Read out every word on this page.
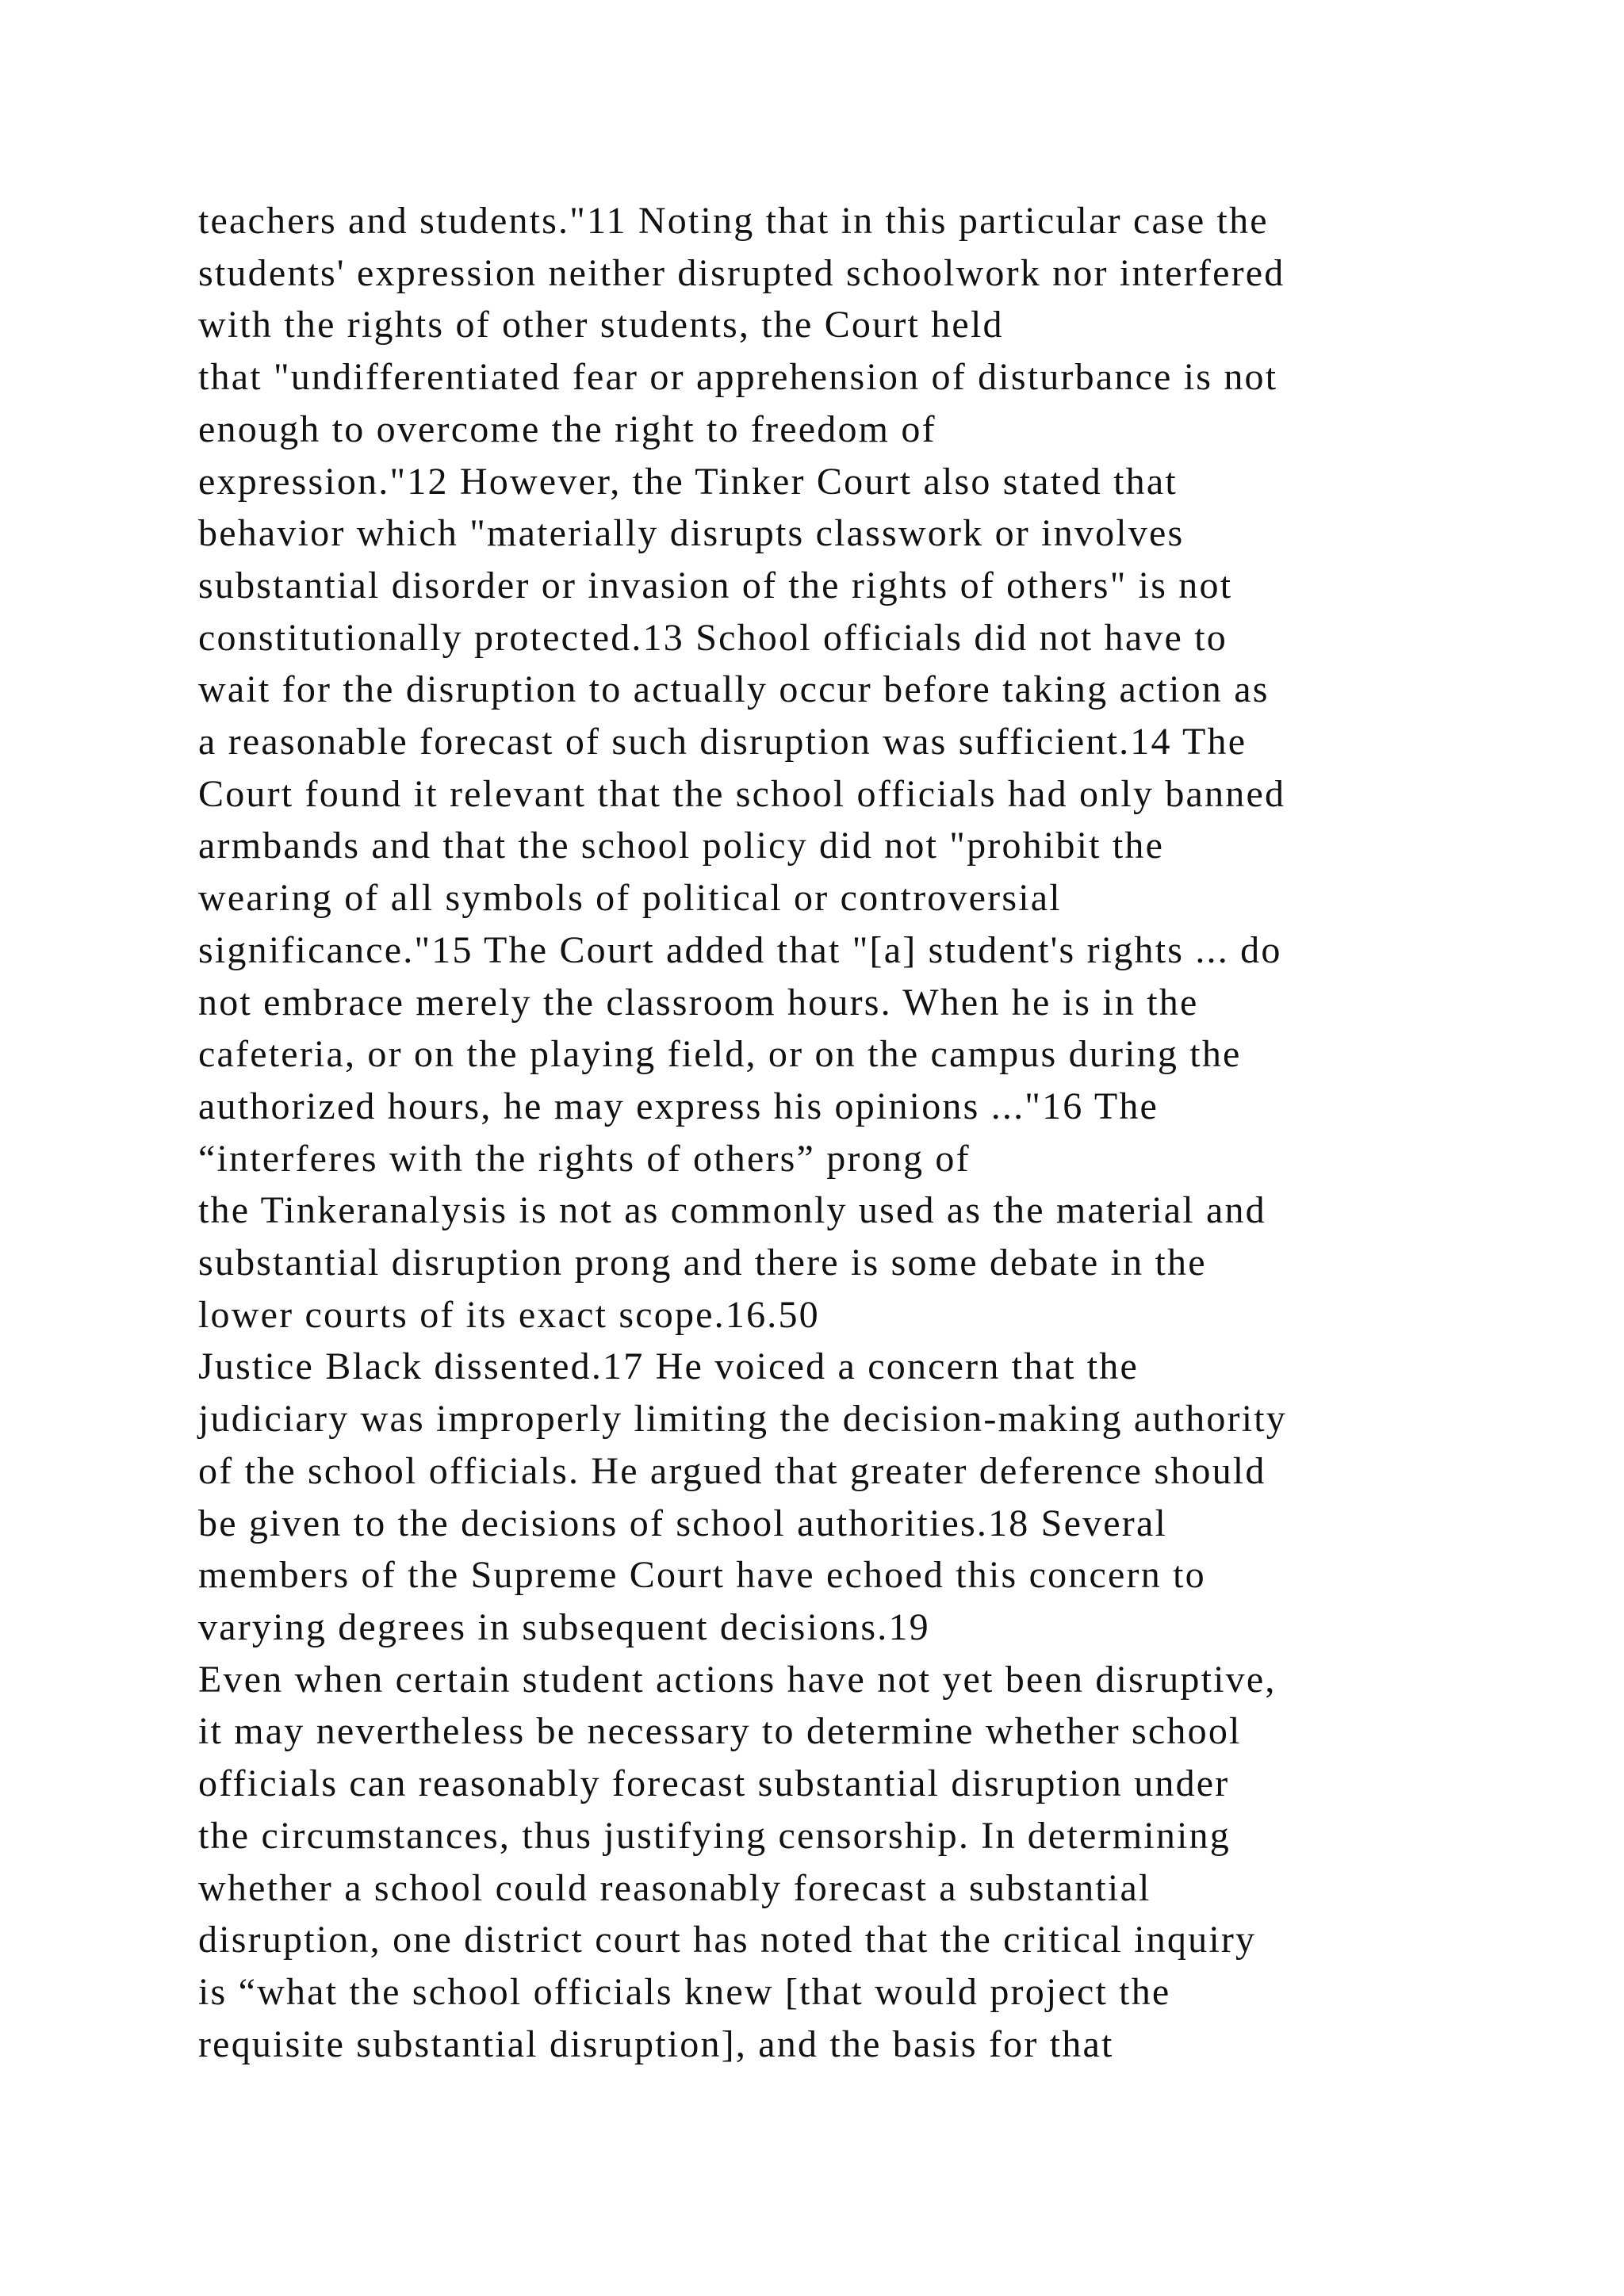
teachers and students."11 Noting that in this particular case the
students' expression neither disrupted schoolwork nor interfered
with the rights of other students, the Court held
that "undifferentiated fear or apprehension of disturbance is not
enough to overcome the right to freedom of
expression."12 However, the Tinker Court also stated that
behavior which "materially disrupts classwork or involves
substantial disorder or invasion of the rights of others" is not
constitutionally protected.13 School officials did not have to
wait for the disruption to actually occur before taking action as
a reasonable forecast of such disruption was sufficient.14 The
Court found it relevant that the school officials had only banned
armbands and that the school policy did not "prohibit the
wearing of all symbols of political or controversial
significance."15 The Court added that "[a] student's rights ... do
not embrace merely the classroom hours. When he is in the
cafeteria, or on the playing field, or on the campus during the
authorized hours, he may express his opinions ..."16 The
“interferes with the rights of others” prong of
the Tinkeranalysis is not as commonly used as the material and
substantial disruption prong and there is some debate in the
lower courts of its exact scope.16.50
Justice Black dissented.17 He voiced a concern that the
judiciary was improperly limiting the decision-making authority
of the school officials. He argued that greater deference should
be given to the decisions of school authorities.18 Several
members of the Supreme Court have echoed this concern to
varying degrees in subsequent decisions.19
Even when certain student actions have not yet been disruptive,
it may nevertheless be necessary to determine whether school
officials can reasonably forecast substantial disruption under
the circumstances, thus justifying censorship. In determining
whether a school could reasonably forecast a substantial
disruption, one district court has noted that the critical inquiry
is “what the school officials knew [that would project the
requisite substantial disruption], and the basis for that
